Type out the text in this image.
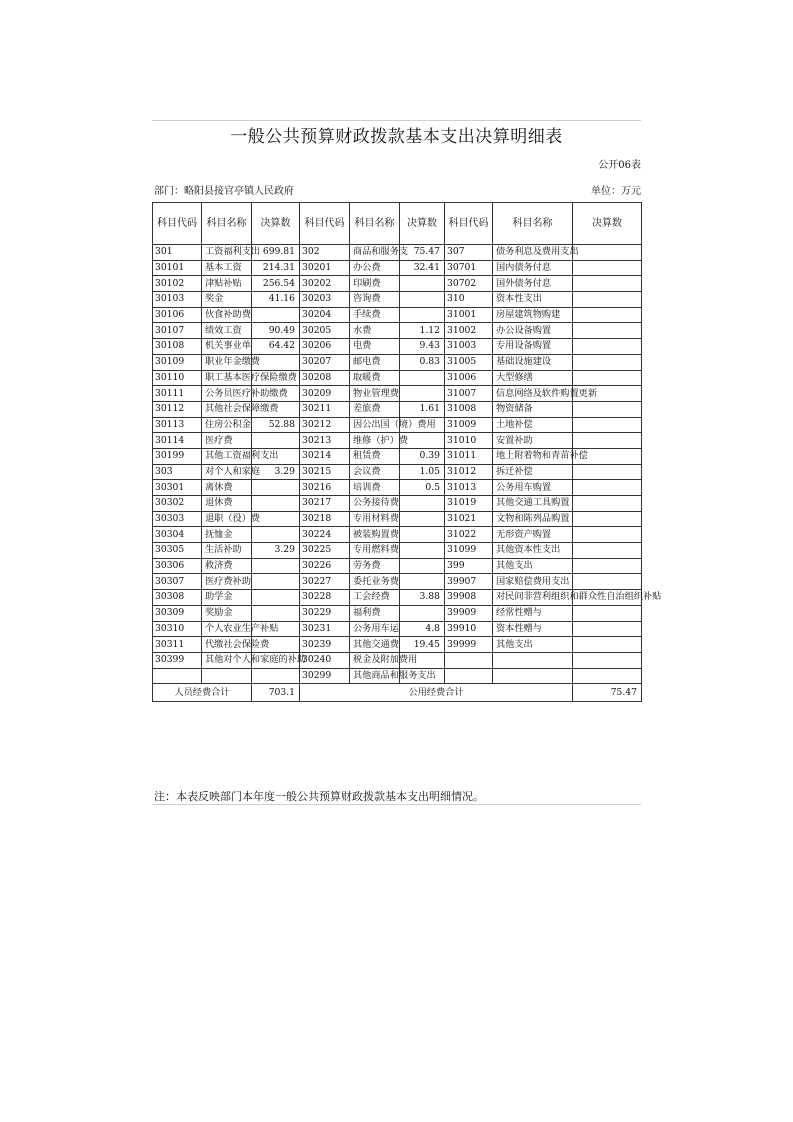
一般公共预算财政拨款基本支出决算明细表
公开06表
部门：略阳县接官亭镇人民政府	单位：万元
科目代码	科目名称	决算数	科目代码	科目名称	决算数	科目代码	科目名称	决算数
301	工资福利支出	699.81	302	商品和服务支	75.47	307	债务利息及费用支出	
30101	基本工资	214.31	30201	办公费	32.41	30701	国内债务付息	
30102	津贴补贴	256.54	30202	印刷费		30702	国外债务付息	
30103	奖金	41.16	30203	咨询费		310	资本性支出	
30106	伙食补助费		30204	手续费		31001	房屋建筑物购建	
30107	绩效工资	90.49	30205	水费	1.12	31002	办公设备购置	
30108	机关事业单	64.42	30206	电费	9.43	31003	专用设备购置	
30109	职业年金缴费		30207	邮电费	0.83	31005	基础设施建设	
30110	职工基本医疗保险缴费		30208	取暖费		31006	大型修缮	
30111	公务员医疗补助缴费		30209	物业管理费		31007	信息网络及软件购置更新	
30112	其他社会保障缴费		30211	差旅费	1.61	31008	物资储备	
30113	住房公积金	52.88	30212	因公出国（境）费用		31009	土地补偿	
30114	医疗费		30213	维修（护）费		31010	安置补助	
30199	其他工资福利支出		30214	租赁费	0.39	31011	地上附着物和青苗补偿	
303	对个人和家庭	3.29	30215	会议费	1.05	31012	拆迁补偿	
30301	离休费		30216	培训费	0.5	31013	公务用车购置	
30302	退休费		30217	公务接待费		31019	其他交通工具购置	
30303	退职（役）费		30218	专用材料费		31021	文物和陈列品购置	
30304	抚恤金		30224	被装购置费		31022	无形资产购置	
30305	生活补助	3.29	30225	专用燃料费		31099	其他资本性支出	
30306	救济费		30226	劳务费		399	其他支出	
30307	医疗费补助		30227	委托业务费		39907	国家赔偿费用支出	
30308	助学金		30228	工会经费	3.88	39908	对民间非营利组织和群众性自治组织补贴	
30309	奖励金		30229	福利费		39909	经常性赠与	
30310	个人农业生产补贴		30231	公务用车运	4.8	39910	资本性赠与	
30311	代缴社会保险费		30239	其他交通费	19.45	39999	其他支出	
30399	其他对个人和家庭的补助		30240	税金及附加费用				
			30299	其他商品和服务支出				
人员经费合计		703.1	公用经费合计					75.47
注：本表反映部门本年度一般公共预算财政拨款基本支出明细情况。
